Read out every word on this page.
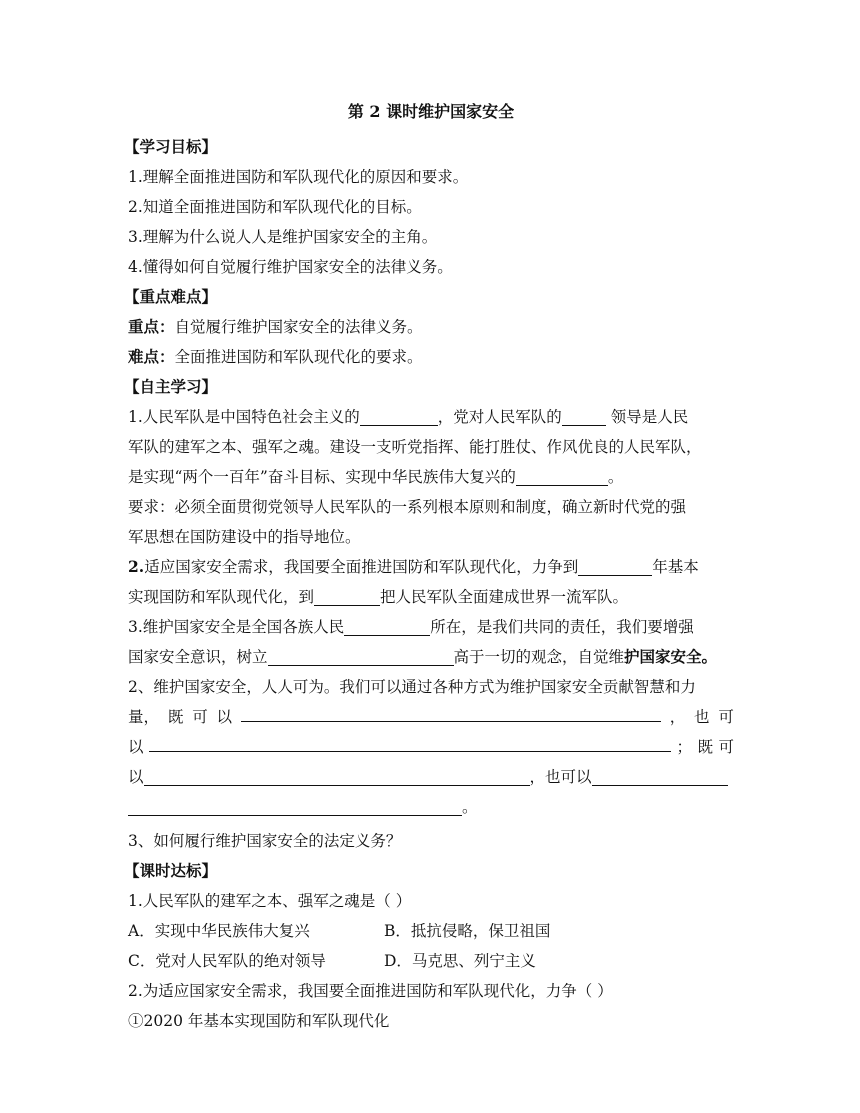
第 2 课时维护国家安全
【学习目标】
1.理解全面推进国防和军队现代化的原因和要求。
2.知道全面推进国防和军队现代化的目标。
3.理解为什么说人人是维护国家安全的主角。
4.懂得如何自觉履行维护国家安全的法律义务。
【重点难点】
重点：自觉履行维护国家安全的法律义务。
难点：全面推进国防和军队现代化的要求。
【自主学习】
1.人民军队是中国特色社会主义的	，党对人民军队的	领导是人民
军队的建军之本、强军之魂。建设一支听党指挥、能打胜仗、作风优良的人民军队，
是实现“两个一百年”奋斗目标、实现中华民族伟大复兴的	。
要求：必须全面贯彻党领导人民军队的一系列根本原则和制度，确立新时代党的强
军思想在国防建设中的指导地位。
2.适应国家安全需求，我国要全面推进国防和军队现代化，力争到	年基本
实现国防和军队现代化，到	把人民军队全面建成世界一流军队。
3.维护国家安全是全国各族人民	所在，是我们共同的责任，我们要增强
国家安全意识，树立	高于一切的观念，自觉维护国家安全。
2、维护国家安全，人人可为。我们可以通过各种方式为维护国家安全贡献智慧和力
量， 既 可 以	， 也 可
以	； 既 可
以	，也可以
。
3、如何履行维护国家安全的法定义务？
【课时达标】
1.人民军队的建军之本、强军之魂是（ ）
A．实现中华民族伟大复兴	B．抵抗侵略，保卫祖国
C．党对人民军队的绝对领导	D．马克思、列宁主义
2.为适应国家安全需求，我国要全面推进国防和军队现代化，力争（ ）
①2020 年基本实现国防和军队现代化
